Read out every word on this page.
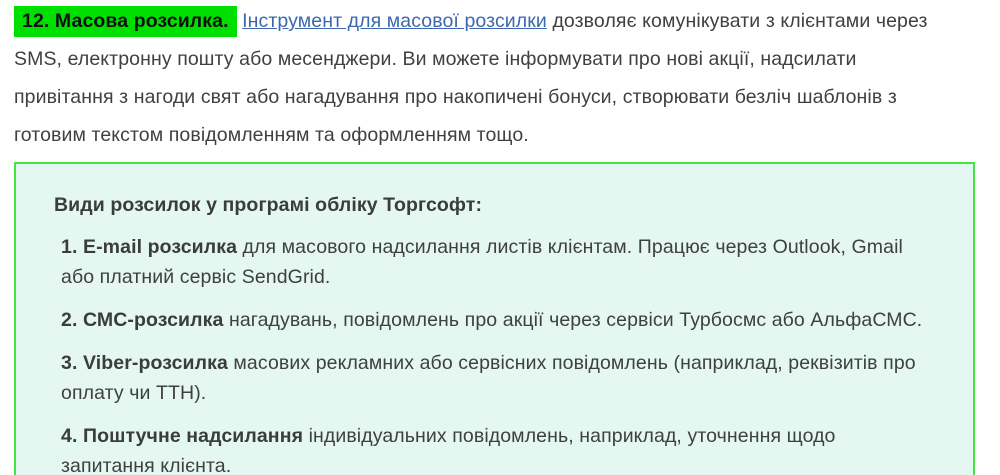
12. Масова розсилка. Інструмент для масової розсилки дозволяє комунікувати з клієнтами через SMS, електронну пошту або месенджери. Ви можете інформувати про нові акції, надсилати привітання з нагоди свят або нагадування про накопичені бонуси, створювати безліч шаблонів з готовим текстом повідомленням та оформленням тощо.

Види розсилок у програмі обліку Торгсофт:

1. E-mail розсилка для масового надсилання листів клієнтам. Працює через Outlook, Gmail або платний сервіс SendGrid.

2. СМС-розсилка нагадувань, повідомлень про акції через сервіси Турбосмс або АльфаСМС.

3. Viber-розсилка масових рекламних або сервісних повідомлень (наприклад, реквізитів про оплату чи ТТН).

4. Поштучне надсилання індивідуальних повідомлень, наприклад, уточнення щодо запитання клієнта.
